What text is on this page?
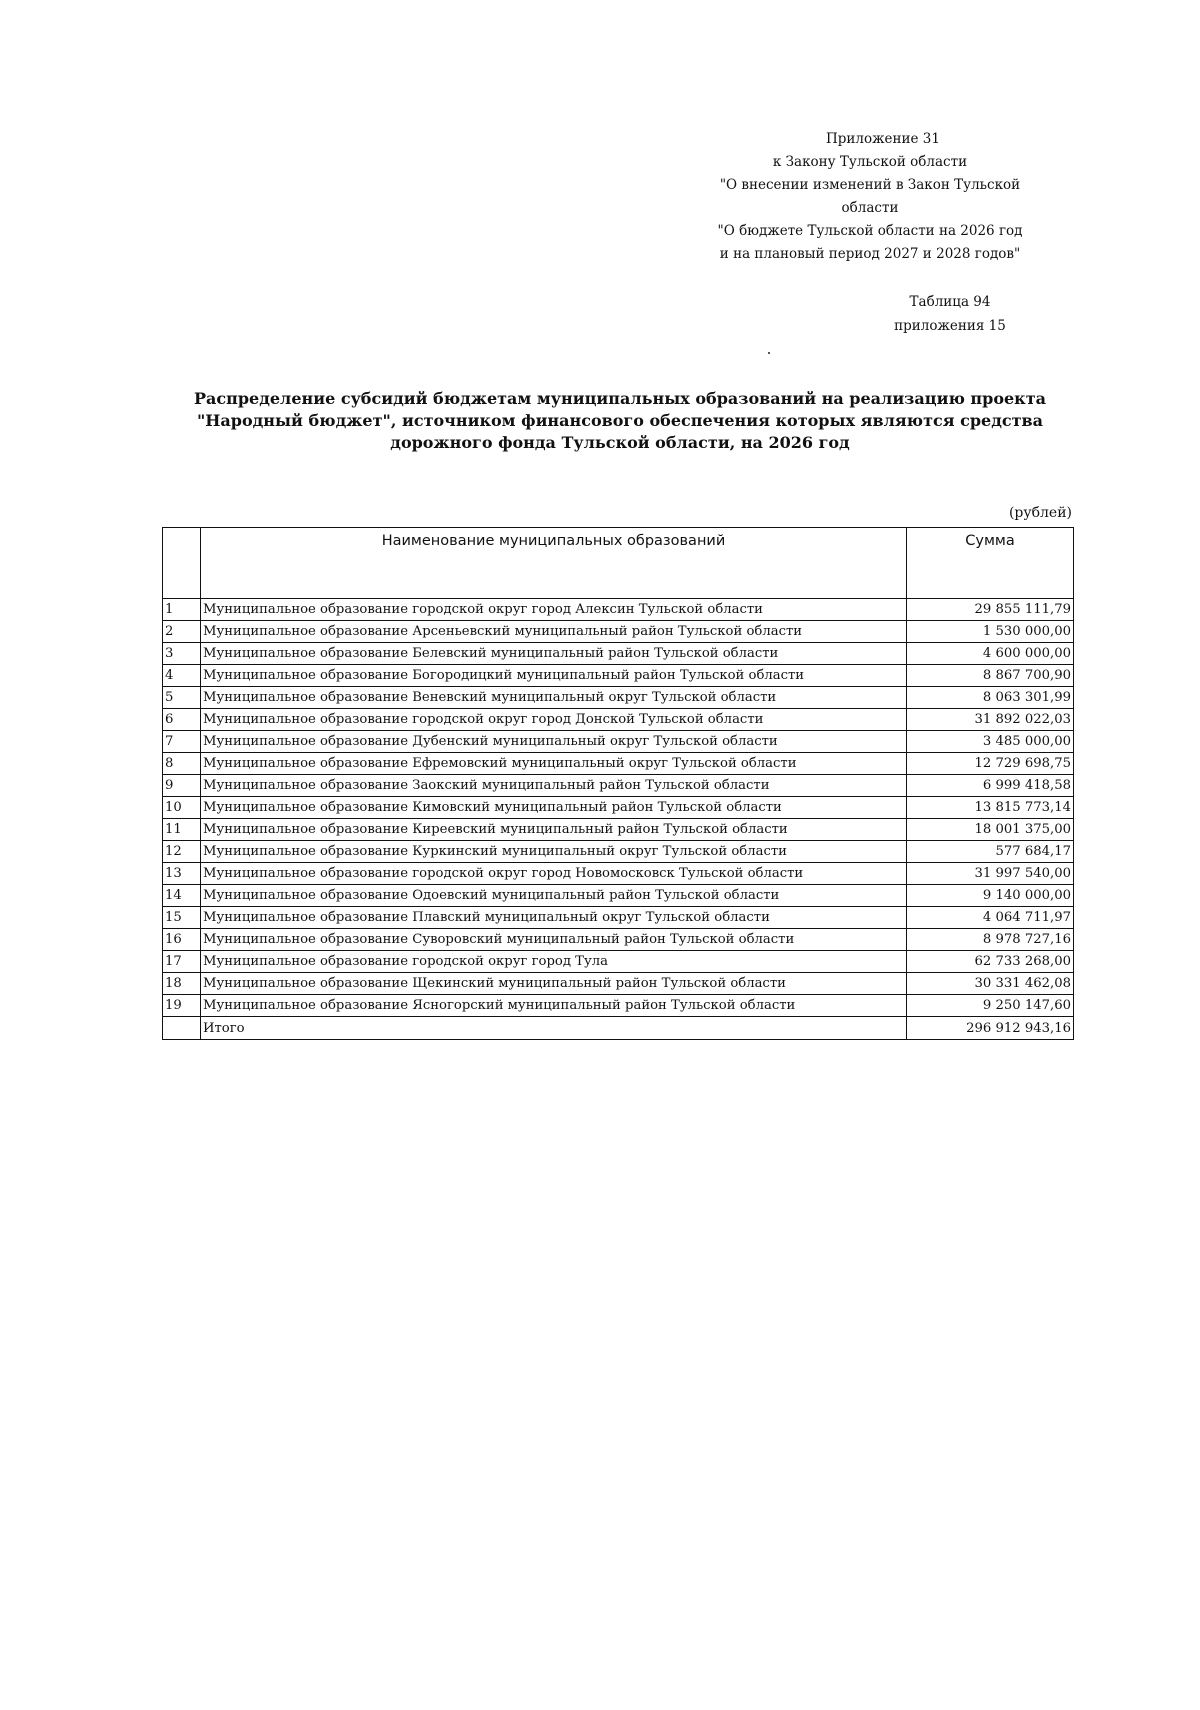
Приложение 31
к Закону Тульской области
"О внесении изменений в Закон Тульской области
"О бюджете Тульской области на 2026 год
и на плановый период 2027 и 2028 годов"
Таблица 94
приложения 15
Распределение субсидий бюджетам муниципальных образований на реализацию проекта
"Народный бюджет", источником финансового обеспечения которых являются средства
дорожного фонда Тульской области, на 2026 год
(рублей)
	Наименование муниципальных образований	Сумма
1	Муниципальное образование городской округ город Алексин Тульской области	29 855 111,79
2	Муниципальное образование Арсеньевский муниципальный район Тульской области	1 530 000,00
3	Муниципальное образование Белевский муниципальный район Тульской области	4 600 000,00
4	Муниципальное образование Богородицкий муниципальный район Тульской области	8 867 700,90
5	Муниципальное образование Веневский муниципальный округ Тульской области	8 063 301,99
6	Муниципальное образование городской округ город Донской Тульской области	31 892 022,03
7	Муниципальное образование Дубенский муниципальный округ Тульской области	3 485 000,00
8	Муниципальное образование Ефремовский муниципальный округ Тульской области	12 729 698,75
9	Муниципальное образование Заокский муниципальный район Тульской области	6 999 418,58
10	Муниципальное образование Кимовский муниципальный район Тульской области	13 815 773,14
11	Муниципальное образование Киреевский муниципальный район Тульской области	18 001 375,00
12	Муниципальное образование Куркинский муниципальный округ Тульской области	577 684,17
13	Муниципальное образование городской округ город Новомосковск Тульской области	31 997 540,00
14	Муниципальное образование Одоевский муниципальный район Тульской области	9 140 000,00
15	Муниципальное образование Плавский муниципальный округ Тульской области	4 064 711,97
16	Муниципальное образование Суворовский муниципальный район Тульской области	8 978 727,16
17	Муниципальное образование городской округ город Тула	62 733 268,00
18	Муниципальное образование Щекинский муниципальный район Тульской области	30 331 462,08
19	Муниципальное образование Ясногорский муниципальный район Тульской области	9 250 147,60
	Итого	296 912 943,16
